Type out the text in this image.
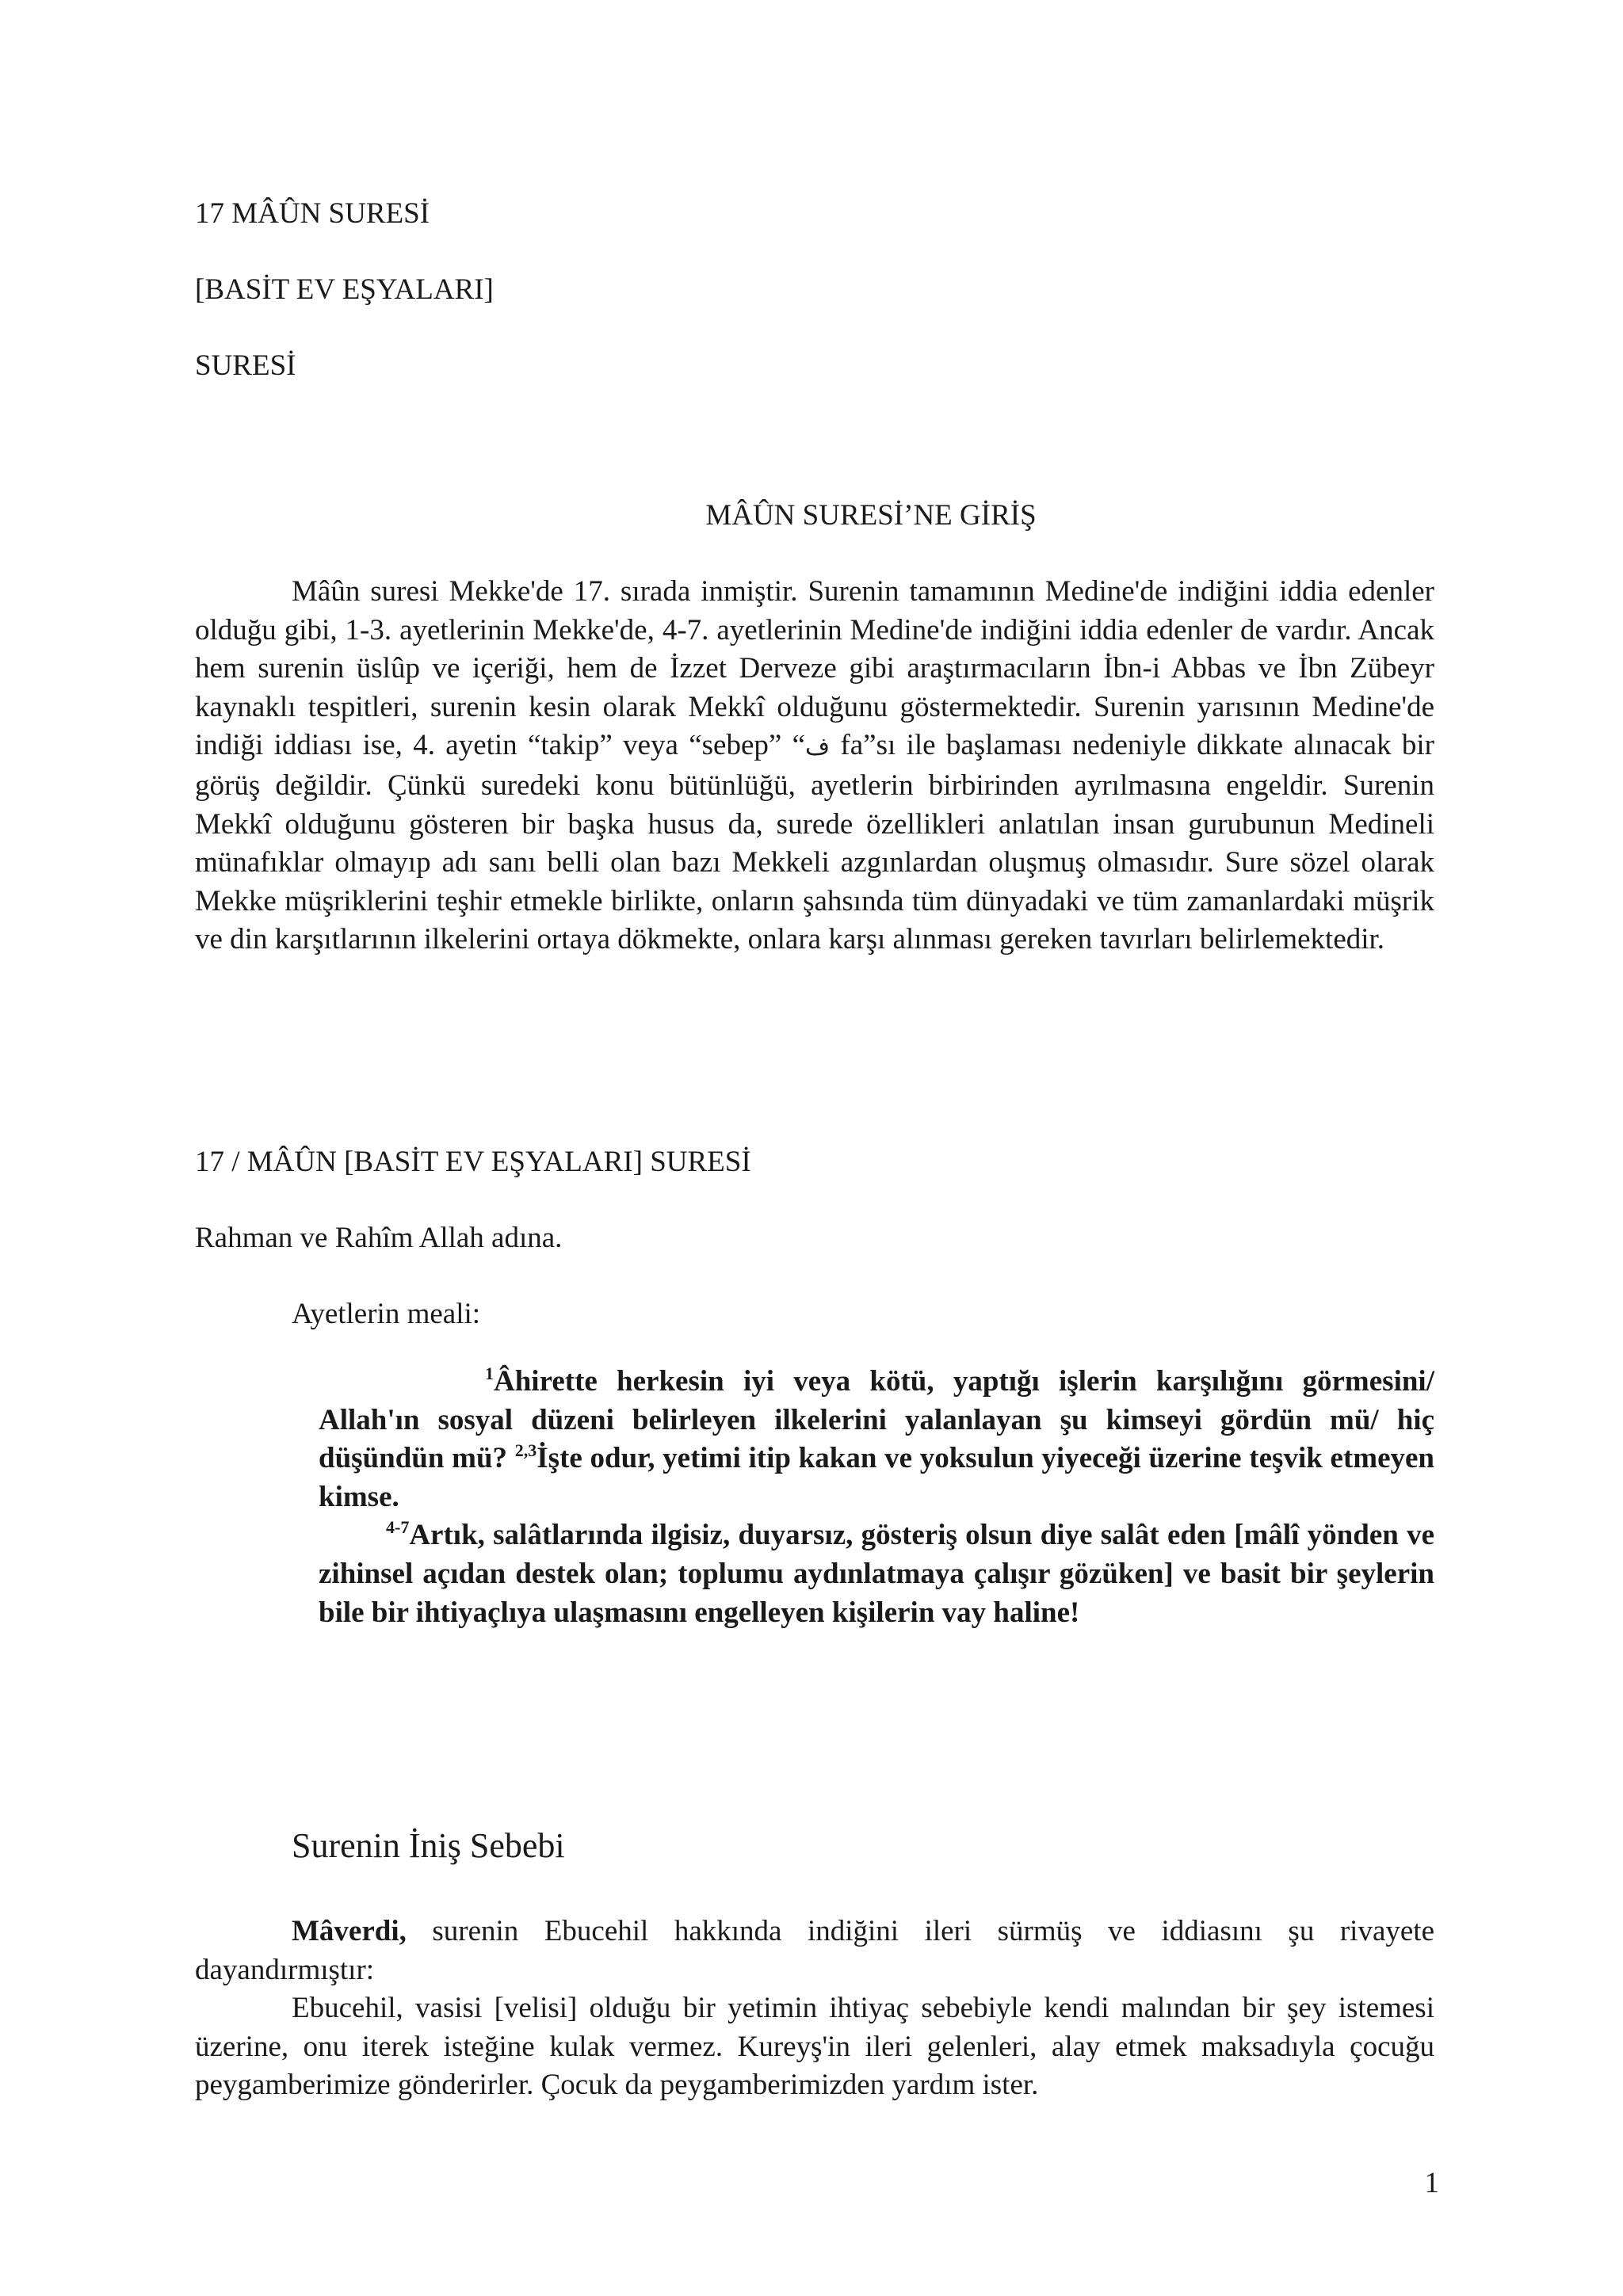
17 MÂÛN SURESİ

[BASİT EV EŞYALARI]

SURESİ

MÂÛN SURESİ’NE GİRİŞ

Mâûn suresi Mekke'de 17. sırada inmiştir. Surenin tamamının Medine'de indiğini iddia edenler olduğu gibi, 1-3. ayetlerinin Mekke'de, 4-7. ayetlerinin Medine'de indiğini iddia edenler de vardır. Ancak hem surenin üslûp ve içeriği, hem de İzzet Derveze gibi araştırmacıların İbn-i Abbas ve İbn Zübeyr kaynaklı tespitleri, surenin kesin olarak Mekkî olduğunu göstermektedir. Surenin yarısının Medine'de indiği iddiası ise, 4. ayetin “takip” veya “sebep” “ف fa”sı ile başlaması nedeniyle dikkate alınacak bir görüş değildir. Çünkü suredeki konu bütünlüğü, ayetlerin birbirinden ayrılmasına engeldir. Surenin Mekkî olduğunu gösteren bir başka husus da, surede özellikleri anlatılan insan gurubunun Medineli münafıklar olmayıp adı sanı belli olan bazı Mekkeli azgınlardan oluşmuş olmasıdır. Sure sözel olarak Mekke müşriklerini teşhir etmekle birlikte, onların şahsında tüm dünyadaki ve tüm zamanlardaki müşrik ve din karşıtlarının ilkelerini ortaya dökmekte, onlara karşı alınması gereken tavırları belirlemektedir.

17 / MÂÛN [BASİT EV EŞYALARI] SURESİ

Rahman ve Rahîm Allah adına.

Ayetlerin meali:

$^1$Âhirette herkesin iyi veya kötü, yaptığı işlerin karşılığını görmesini/ Allah'ın sosyal düzeni belirleyen ilkelerini yalanlayan şu kimseyi gördün mü/ hiç düşündün mü? $^{2,3}$İşte odur, yetimi itip kakan ve yoksulun yiyeceği üzerine teşvik etmeyen kimse.

$^{4-7}$Artık, salâtlarında ilgisiz, duyarsız, gösteriş olsun diye salât eden [mâlî yönden ve zihinsel açıdan destek olan; toplumu aydınlatmaya çalışır gözüken] ve basit bir şeylerin bile bir ihtiyaçlıya ulaşmasını engelleyen kişilerin vay haline!

Surenin İniş Sebebi

Mâverdi, surenin Ebucehil hakkında indiğini ileri sürmüş ve iddiasını şu rivayete dayandırmıştır:

Ebucehil, vasisi [velisi] olduğu bir yetimin ihtiyaç sebebiyle kendi malından bir şey istemesi üzerine, onu iterek isteğine kulak vermez. Kureyş'in ileri gelenleri, alay etmek maksadıyla çocuğu peygamberimize gönderirler. Çocuk da peygamberimizden yardım ister.

1
